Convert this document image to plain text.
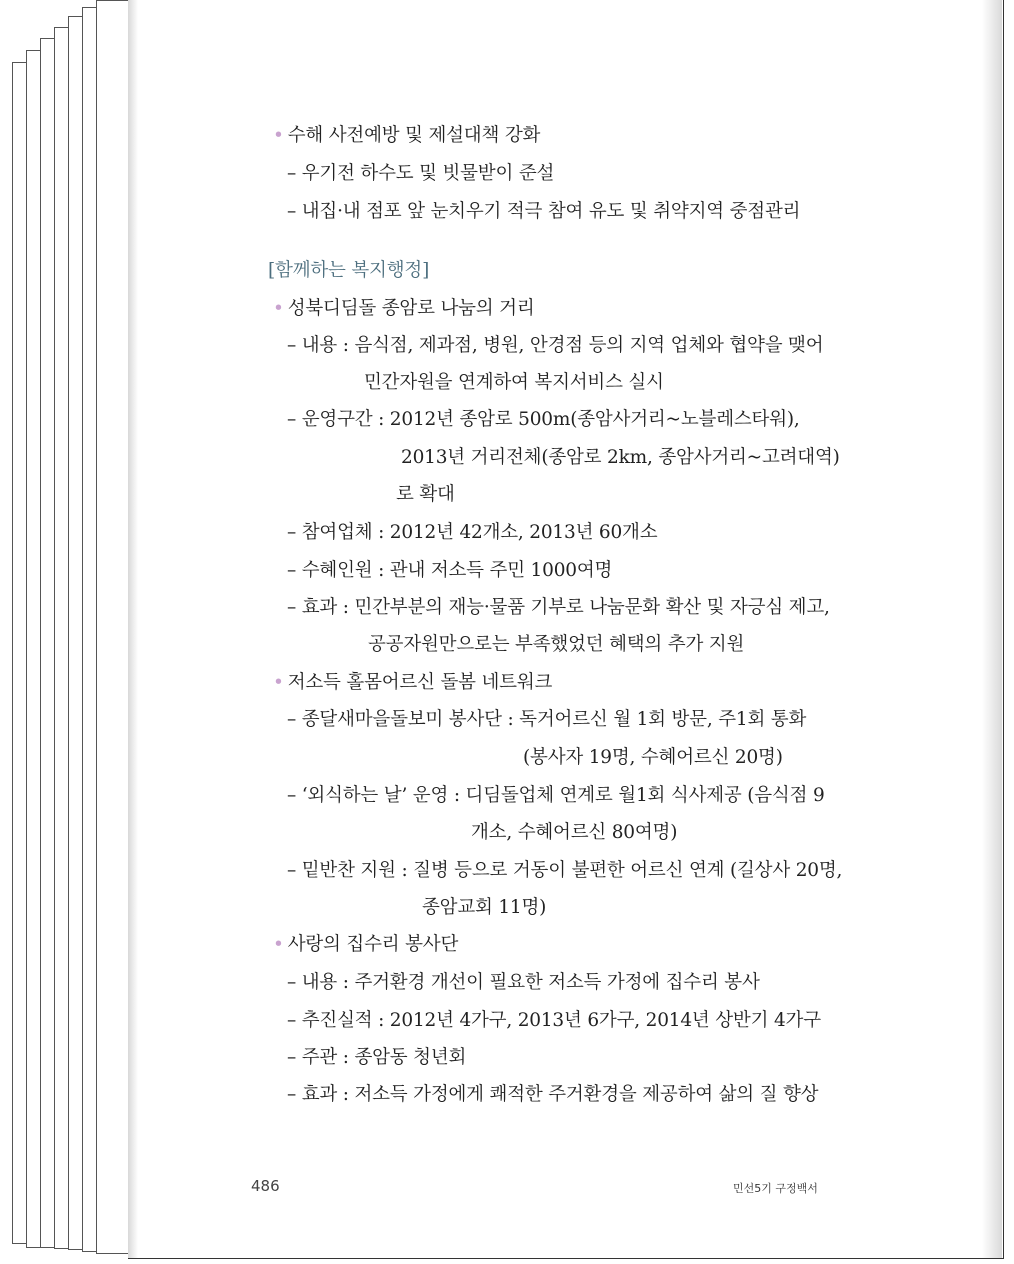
• 수해 사전예방 및 제설대책 강화
– 우기전 하수도 및 빗물받이 준설
– 내집·내 점포 앞 눈치우기 적극 참여 유도 및 취약지역 중점관리
[함께하는 복지행정]
• 성북디딤돌 종암로 나눔의 거리
– 내용 : 음식점, 제과점, 병원, 안경점 등의 지역 업체와 협약을 맺어
민간자원을 연계하여 복지서비스 실시
– 운영구간 : 2012년 종암로 500m(종암사거리~노블레스타워),
2013년 거리전체(종암로 2km, 종암사거리~고려대역)
로 확대
– 참여업체 : 2012년 42개소, 2013년 60개소
– 수혜인원 : 관내 저소득 주민 1000여명
– 효과 : 민간부분의 재능·물품 기부로 나눔문화 확산 및 자긍심 제고,
공공자원만으로는 부족했었던 혜택의 추가 지원
• 저소득 홀몸어르신 돌봄 네트워크
– 종달새마을돌보미 봉사단 : 독거어르신 월 1회 방문, 주1회 통화
(봉사자 19명, 수혜어르신 20명)
– ‘외식하는 날’ 운영 : 디딤돌업체 연계로 월1회 식사제공 (음식점 9
개소, 수혜어르신 80여명)
– 밑반찬 지원 : 질병 등으로 거동이 불편한 어르신 연계 (길상사 20명,
종암교회 11명)
• 사랑의 집수리 봉사단
– 내용 : 주거환경 개선이 필요한 저소득 가정에 집수리 봉사
– 추진실적 : 2012년 4가구, 2013년 6가구, 2014년 상반기 4가구
– 주관 : 종암동 청년회
– 효과 : 저소득 가정에게 쾌적한 주거환경을 제공하여 삶의 질 향상
486	민선5기 구정백서
